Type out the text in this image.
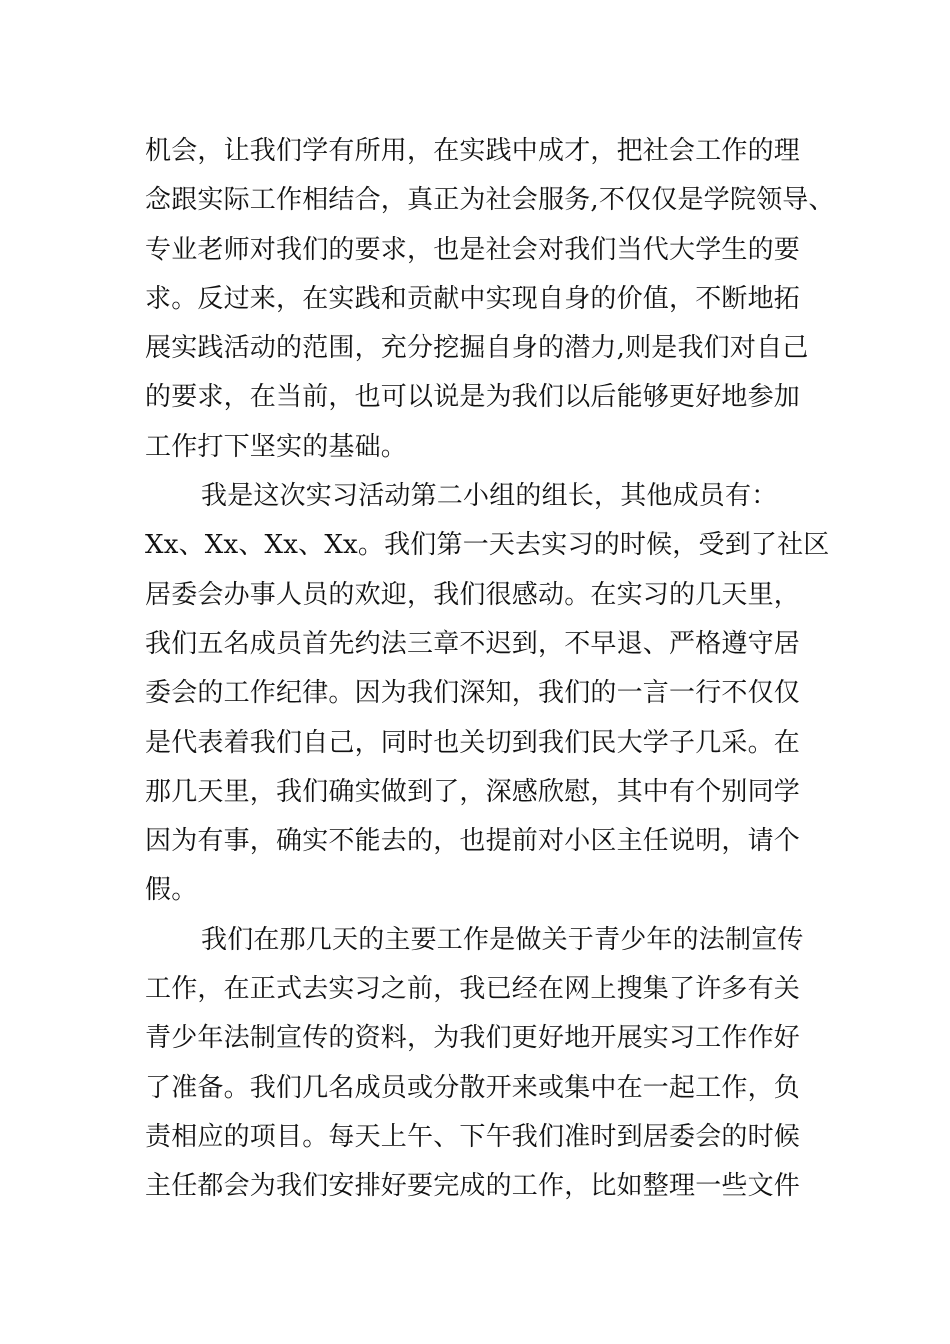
机会，让我们学有所用，在实践中成才，把社会工作的理
念跟实际工作相结合，真正为社会服务,不仅仅是学院领导、
专业老师对我们的要求，也是社会对我们当代大学生的要
求。反过来，在实践和贡献中实现自身的价值，不断地拓
展实践活动的范围，充分挖掘自身的潜力,则是我们对自己
的要求，在当前，也可以说是为我们以后能够更好地参加
工作打下坚实的基础。
我是这次实习活动第二小组的组长，其他成员有：
Xx、Xx、Xx、Xx。我们第一天去实习的时候，受到了社区
居委会办事人员的欢迎，我们很感动。在实习的几天里，
我们五名成员首先约法三章不迟到，不早退、严格遵守居
委会的工作纪律。因为我们深知，我们的一言一行不仅仅
是代表着我们自己，同时也关切到我们民大学子几采。在
那几天里，我们确实做到了，深感欣慰，其中有个别同学
因为有事，确实不能去的，也提前对小区主任说明，请个
假。
我们在那几天的主要工作是做关于青少年的法制宣传
工作，在正式去实习之前，我已经在网上搜集了许多有关
青少年法制宣传的资料，为我们更好地开展实习工作作好
了准备。我们几名成员或分散开来或集中在一起工作，负
责相应的项目。每天上午、下午我们准时到居委会的时候
主任都会为我们安排好要完成的工作，比如整理一些文件
